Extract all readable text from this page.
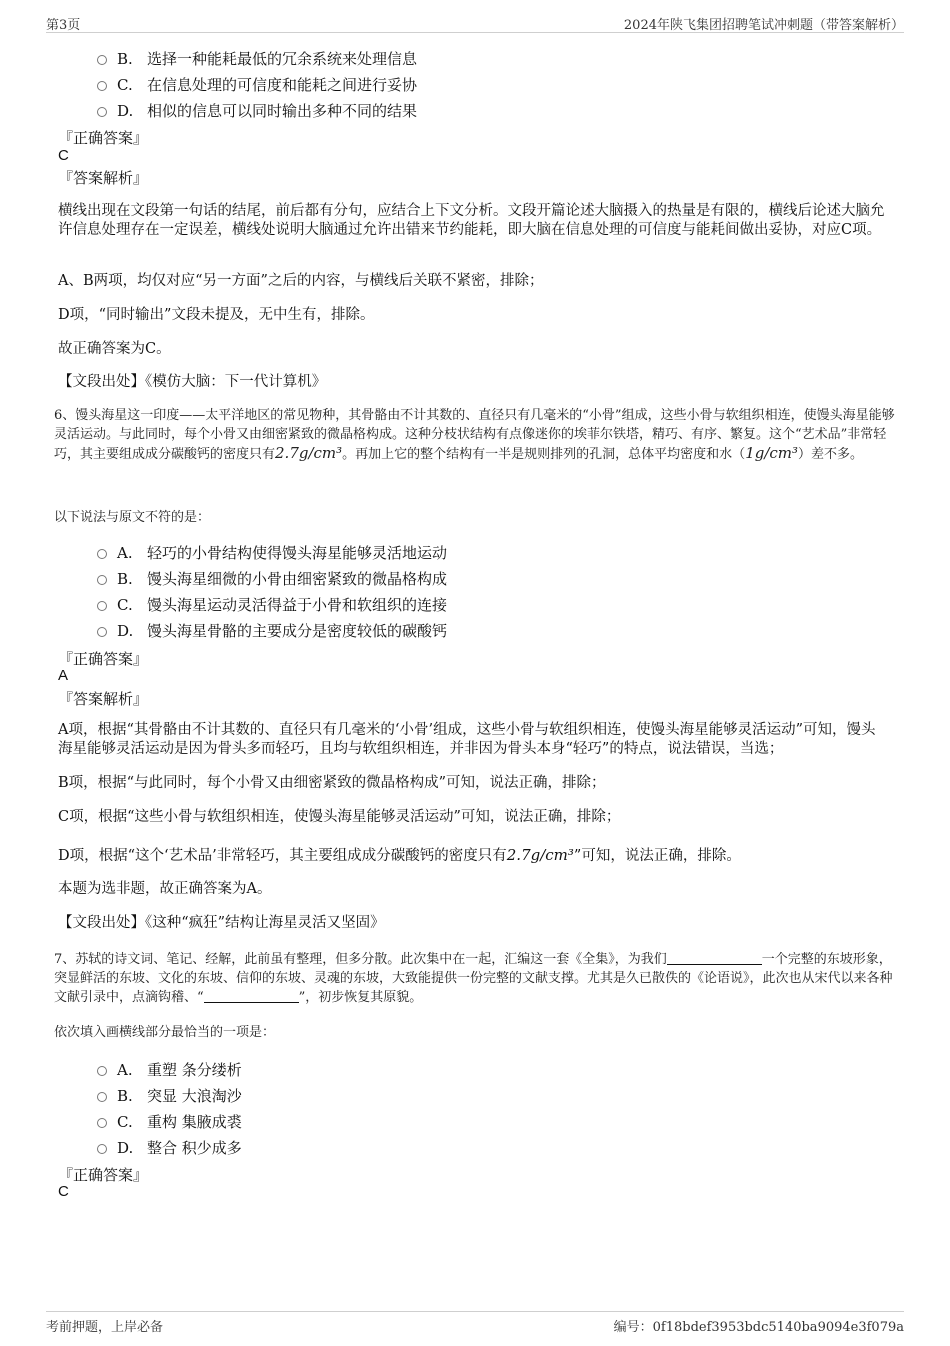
第3页	2024年陕飞集团招聘笔试冲刺题（带答案解析）
B. 选择一种能耗最低的冗余系统来处理信息
C. 在信息处理的可信度和能耗之间进行妥协
D. 相似的信息可以同时输出多种不同的结果
『正确答案』
C
『答案解析』
横线出现在文段第一句话的结尾，前后都有分句，应结合上下文分析。文段开篇论述大脑摄入的热量是有限的，横线后论述大脑允许信息处理存在一定误差，横线处说明大脑通过允许出错来节约能耗，即大脑在信息处理的可信度与能耗间做出妥协，对应C项。
A、B两项，均仅对应“另一方面”之后的内容，与横线后关联不紧密，排除；
D项，“同时输出”文段未提及，无中生有，排除。
故正确答案为C。
【文段出处】《模仿大脑：下一代计算机》
6、馒头海星这一印度——太平洋地区的常见物种，其骨骼由不计其数的、直径只有几毫米的“小骨”组成，这些小骨与软组织相连，使馒头海星能够灵活运动。与此同时，每个小骨又由细密紧致的微晶格构成。这种分枝状结构有点像迷你的埃菲尔铁塔，精巧、有序、繁复。这个“艺术品”非常轻巧，其主要组成成分碳酸钙的密度只有2.7g/cm³。再加上它的整个结构有一半是规则排列的孔洞，总体平均密度和水（1g/cm³）差不多。
以下说法与原文不符的是：
A. 轻巧的小骨结构使得馒头海星能够灵活地运动
B. 馒头海星细微的小骨由细密紧致的微晶格构成
C. 馒头海星运动灵活得益于小骨和软组织的连接
D. 馒头海星骨骼的主要成分是密度较低的碳酸钙
『正确答案』
A
『答案解析』
A项，根据“其骨骼由不计其数的、直径只有几毫米的‘小骨’组成，这些小骨与软组织相连，使馒头海星能够灵活运动”可知，馒头海星能够灵活运动是因为骨头多而轻巧，且均与软组织相连，并非因为骨头本身“轻巧”的特点，说法错误，当选；
B项，根据“与此同时，每个小骨又由细密紧致的微晶格构成”可知，说法正确，排除；
C项，根据“这些小骨与软组织相连，使馒头海星能够灵活运动”可知，说法正确，排除；
D项，根据“这个‘艺术品’非常轻巧，其主要组成成分碳酸钙的密度只有2.7g/cm³”可知，说法正确，排除。
本题为选非题，故正确答案为A。
【文段出处】《这种“疯狂”结构让海星灵活又坚固》
7、苏轼的诗文词、笔记、经解，此前虽有整理，但多分散。此次集中在一起，汇编这一套《全集》，为我们	一个完整的东坡形象，突显鲜活的东坡、文化的东坡、信仰的东坡、灵魂的东坡，大致能提供一份完整的文献支撑。尤其是久已散佚的《论语说》，此次也从宋代以来各种文献引录中，点滴钩稽、“	”，初步恢复其原貌。
依次填入画横线部分最恰当的一项是：
A. 重塑 条分缕析
B. 突显 大浪淘沙
C. 重构 集腋成裘
D. 整合 积少成多
『正确答案』
C
考前押题，上岸必备	编号：0f18bdef3953bdc5140ba9094e3f079a
